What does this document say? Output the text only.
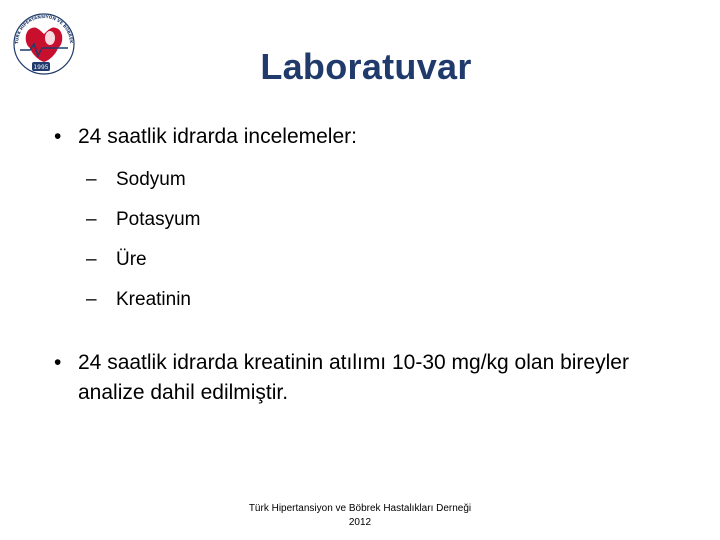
TÜRK HİPERTANSİYON VE BÖBREK
1995	Laboratuvar
• 24 saatlik idrarda incelemeler:
–	Sodyum
–	Potasyum
–	Üre
–	Kreatinin
• 24 saatlik idrarda kreatinin atılımı 10-30 mg/kg olan bireyler analize dahil edilmiştir.
Türk Hipertansiyon ve Böbrek Hastalıkları Derneği
2012
